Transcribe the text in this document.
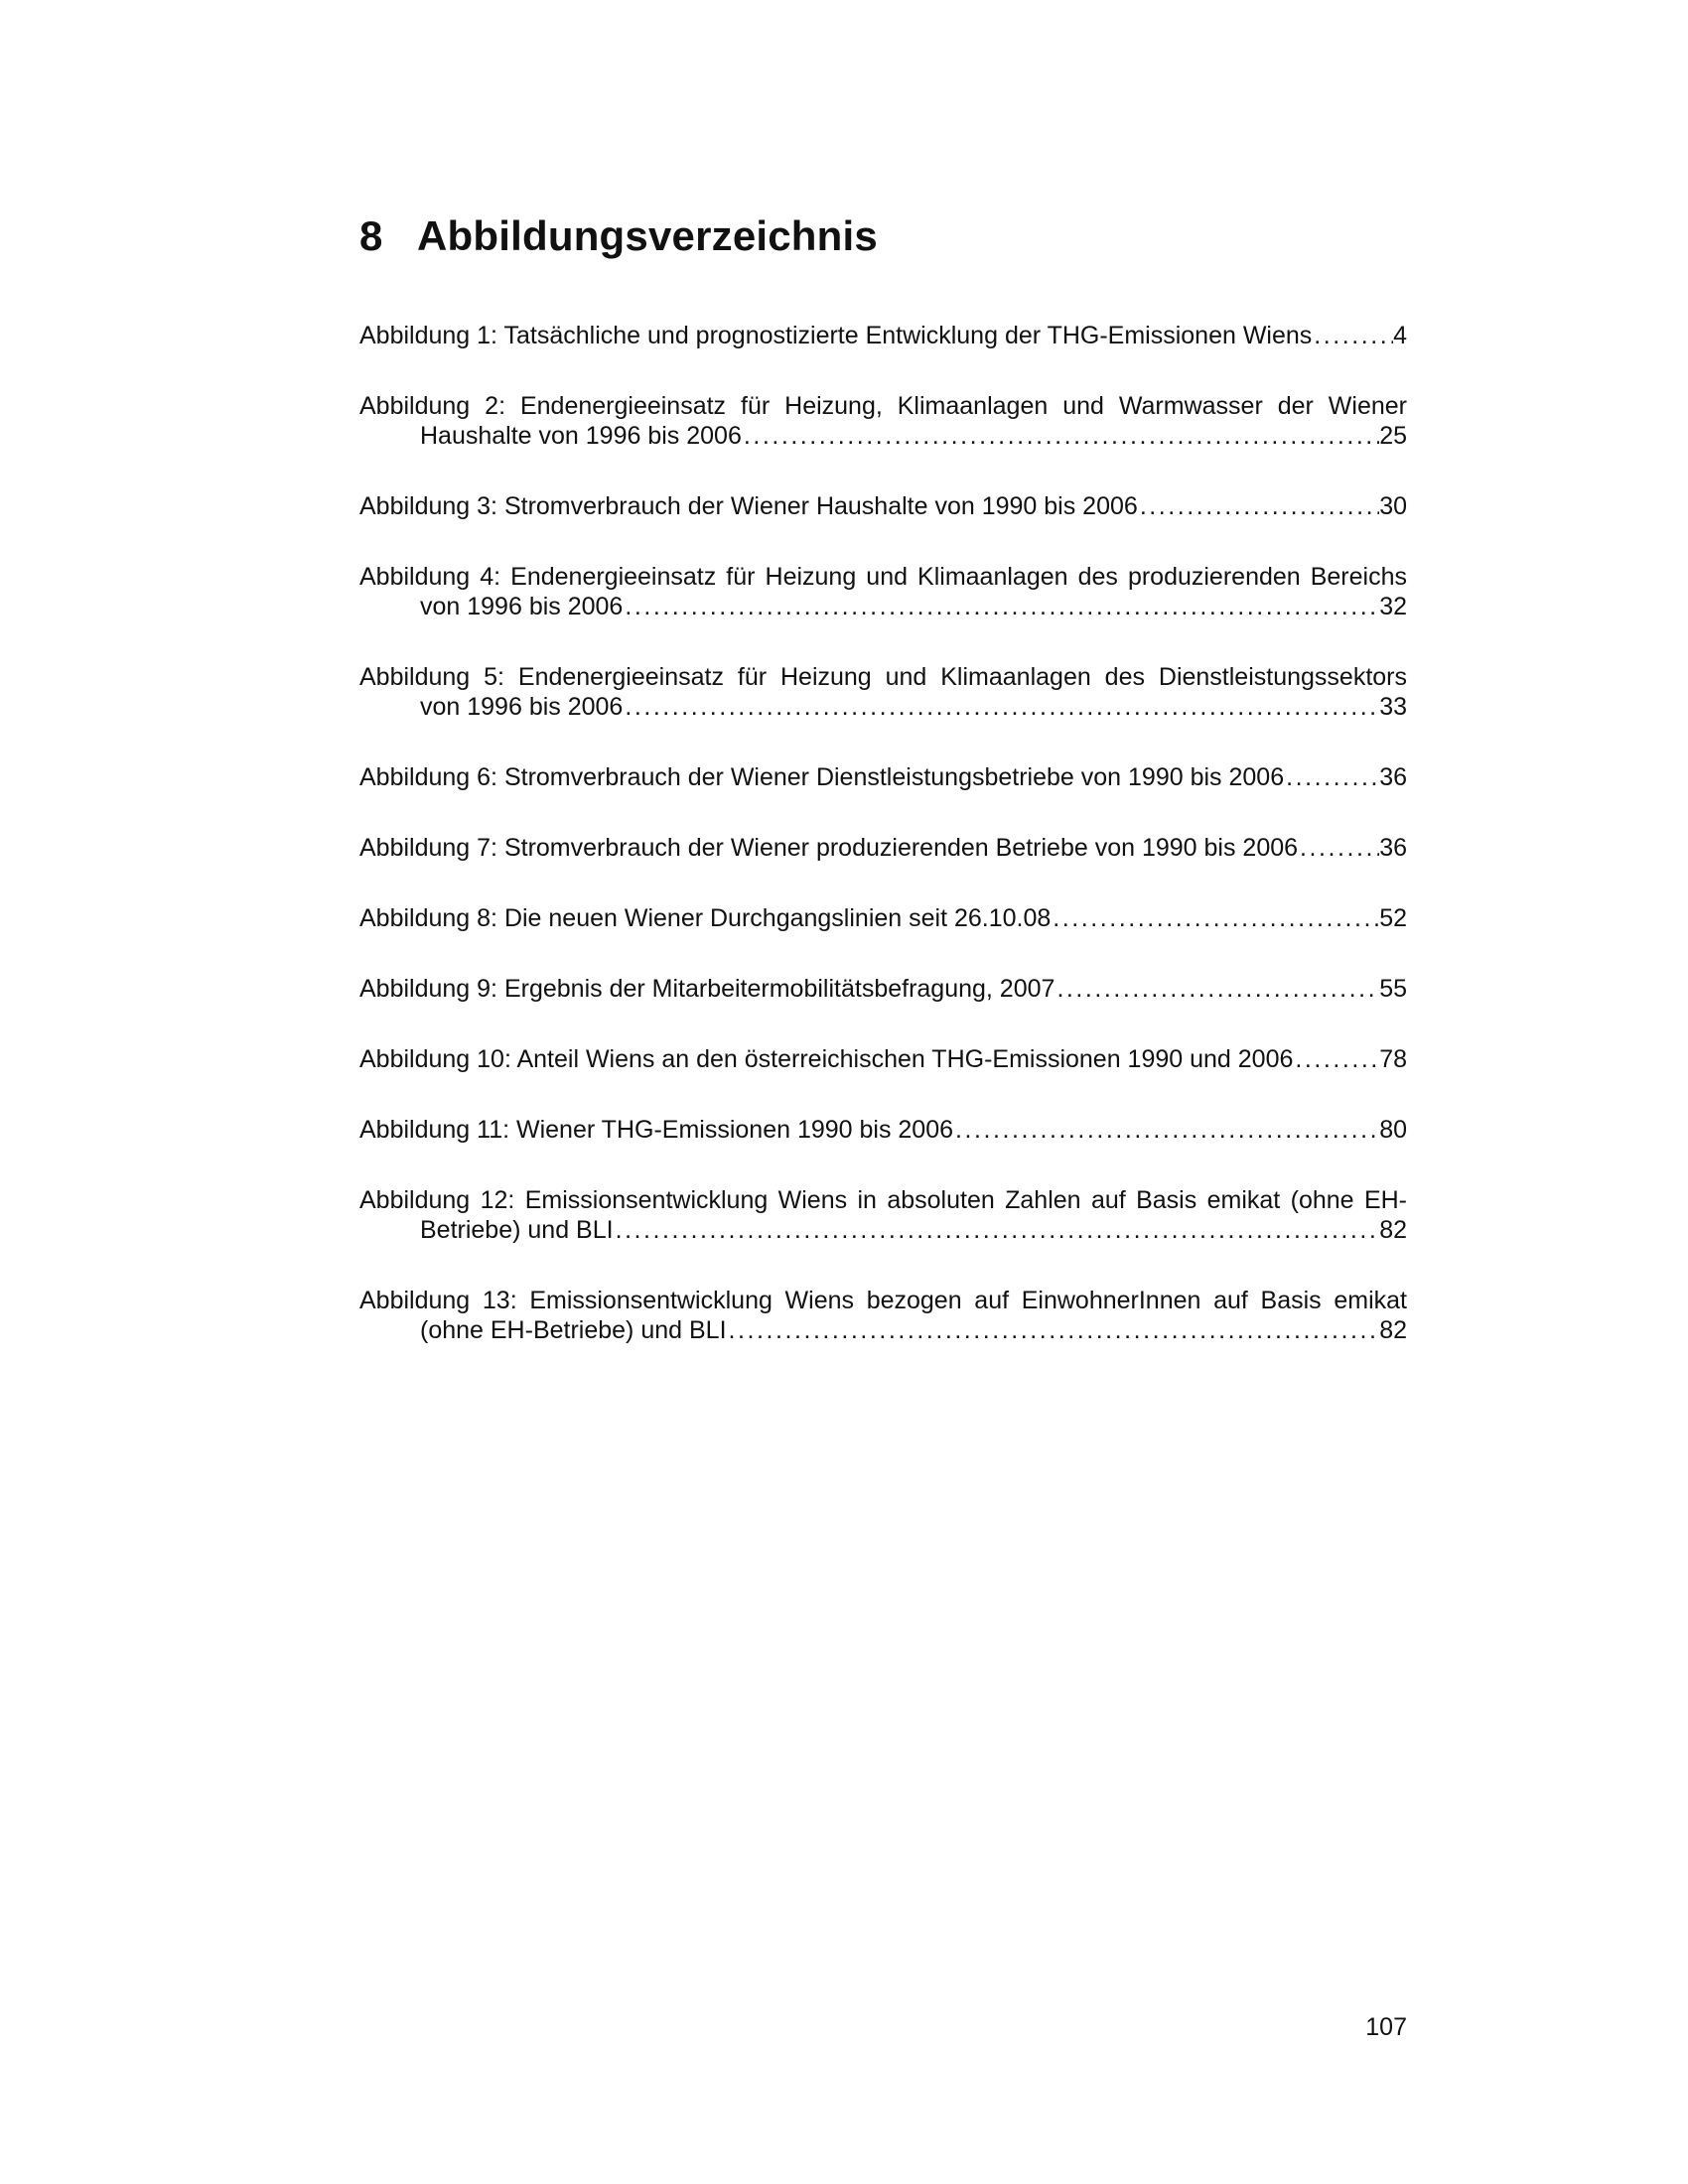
8 Abbildungsverzeichnis
Abbildung 1: Tatsächliche und prognostizierte Entwicklung der THG-Emissionen Wiens . . .	4
Abbildung 2: Endenergieeinsatz für Heizung, Klimaanlagen und Warmwasser der Wiener
Haushalte von 1996 bis 2006 . . .	25
Abbildung 3: Stromverbrauch der Wiener Haushalte von 1990 bis 2006 . . .	30
Abbildung 4: Endenergieeinsatz für Heizung und Klimaanlagen des produzierenden Bereichs
von 1996 bis 2006 . . .	32
Abbildung 5: Endenergieeinsatz für Heizung und Klimaanlagen des Dienstleistungssektors
von 1996 bis 2006 . . .	33
Abbildung 6: Stromverbrauch der Wiener Dienstleistungsbetriebe von 1990 bis 2006 . . .	36
Abbildung 7: Stromverbrauch der Wiener produzierenden Betriebe von 1990 bis 2006 . . .	36
Abbildung 8: Die neuen Wiener Durchgangslinien seit 26.10.08 . . .	52
Abbildung 9: Ergebnis der Mitarbeitermobilitätsbefragung, 2007 . . .	55
Abbildung 10: Anteil Wiens an den österreichischen THG-Emissionen 1990 und 2006 . . .	78
Abbildung 11: Wiener THG-Emissionen 1990 bis 2006 . . .	80
Abbildung 12: Emissionsentwicklung Wiens in absoluten Zahlen auf Basis emikat (ohne EH-
Betriebe) und BLI . . .	82
Abbildung 13: Emissionsentwicklung Wiens bezogen auf EinwohnerInnen auf Basis emikat
(ohne EH-Betriebe) und BLI . . .	82
107
